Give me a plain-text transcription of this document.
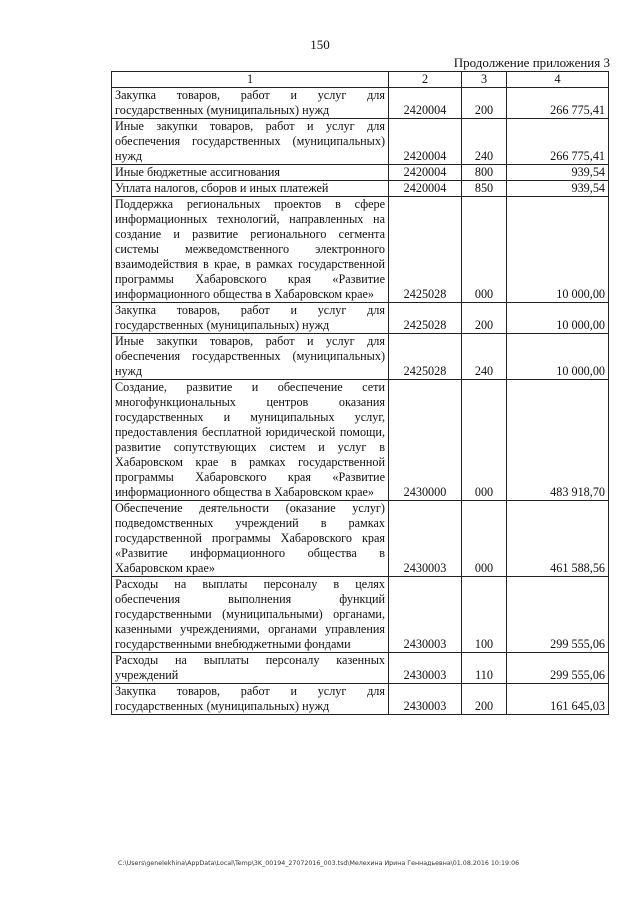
150
Продолжение приложения 3
1	2	3	4
Закупка товаров, работ и услуг для государственных (муниципальных) нужд	2420004	200	266 775,41
Иные закупки товаров, работ и услуг для обеспечения государственных (муниципальных) нужд	2420004	240	266 775,41
Иные бюджетные ассигнования	2420004	800	939,54
Уплата налогов, сборов и иных платежей	2420004	850	939,54
Поддержка региональных проектов в сфере информационных технологий, направленных на создание и развитие регионального сегмента системы межведомственного электронного взаимодействия в крае, в рамках государственной программы Хабаровского края «Развитие информационного общества в Хабаровском крае»	2425028	000	10 000,00
Закупка товаров, работ и услуг для государственных (муниципальных) нужд	2425028	200	10 000,00
Иные закупки товаров, работ и услуг для обеспечения государственных (муниципальных) нужд	2425028	240	10 000,00
Создание, развитие и обеспечение сети многофункциональных центров оказания государственных и муниципальных услуг, предоставления бесплатной юридической помощи, развитие сопутствующих систем и услуг в Хабаровском крае в рамках государственной программы Хабаровского края «Развитие информационного общества в Хабаровском крае»	2430000	000	483 918,70
Обеспечение деятельности (оказание услуг) подведомственных учреждений в рамках государственной программы Хабаровского края «Развитие информационного общества в Хабаровском крае»	2430003	000	461 588,56
Расходы на выплаты персоналу в целях обеспечения выполнения функций государственными (муниципальными) органами, казенными учреждениями, органами управления государственными внебюджетными фондами	2430003	100	299 555,06
Расходы на выплаты персоналу казенных учреждений	2430003	110	299 555,06
Закупка товаров, работ и услуг для государственных (муниципальных) нужд	2430003	200	161 645,03
C:\Users\genelekhina\AppData\Local\Temp\3K_00194_27072016_003.tsd\Мелехина Ирина Геннадьевна\01.08.2016 10:19:06
